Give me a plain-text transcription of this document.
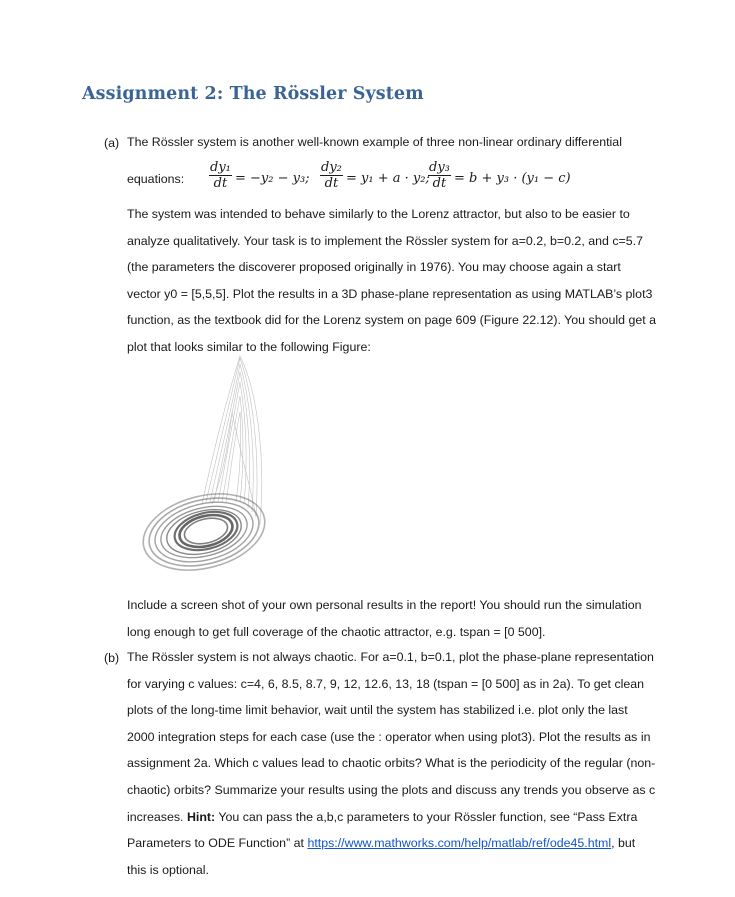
Assignment 2: The Rössler System
(a) The Rössler system is another well-known example of three non-linear ordinary differential

equations: $\frac{\text{dy₁}}{dt} = -y_2 - y_3$; $\frac{\text{dy₂}}{dt} = y_1 + a \cdot y_2$;
$\frac{\text{dy₃}}{dt} = b + y_3 \cdot (y_1 - c)$
The system was intended to behave similarly to the Lorenz attractor, but also to be easier to
analyze qualitatively. Your task is to implement the Rössler system for a=0.2, b=0.2, and c=5.7
(the parameters the discoverer proposed originally in 1976). You may choose again a start
vector y0 = [5,5,5]. Plot the results in a 3D phase-plane representation as using MATLAB’s plot3
function, as the textbook did for the Lorenz system on page 609 (Figure 22.12). You should get a
plot that looks similar to the following Figure:
Include a screen shot of your own personal results in the report! You should run the simulation
long enough to get full coverage of the chaotic attractor, e.g. tspan = [0 500].
(b) The Rössler system is not always chaotic. For a=0.1, b=0.1, plot the phase-plane representation
for varying c values: c=4, 6, 8.5, 8.7, 9, 12, 12.6, 13, 18 (tspan = [0 500] as in 2a). To get clean
plots of the long-time limit behavior, wait until the system has stabilized i.e. plot only the last
2000 integration steps for each case (use the : operator when using plot3). Plot the results as in
assignment 2a. Which c values lead to chaotic orbits? What is the periodicity of the regular (non-
chaotic) orbits? Summarize your results using the plots and discuss any trends you observe as c
increases. Hint: You can pass the a,b,c parameters to your Rössler function, see “Pass Extra
Parameters to ODE Function” at https://www.mathworks.com/help/matlab/ref/ode45.html, but
this is optional.
